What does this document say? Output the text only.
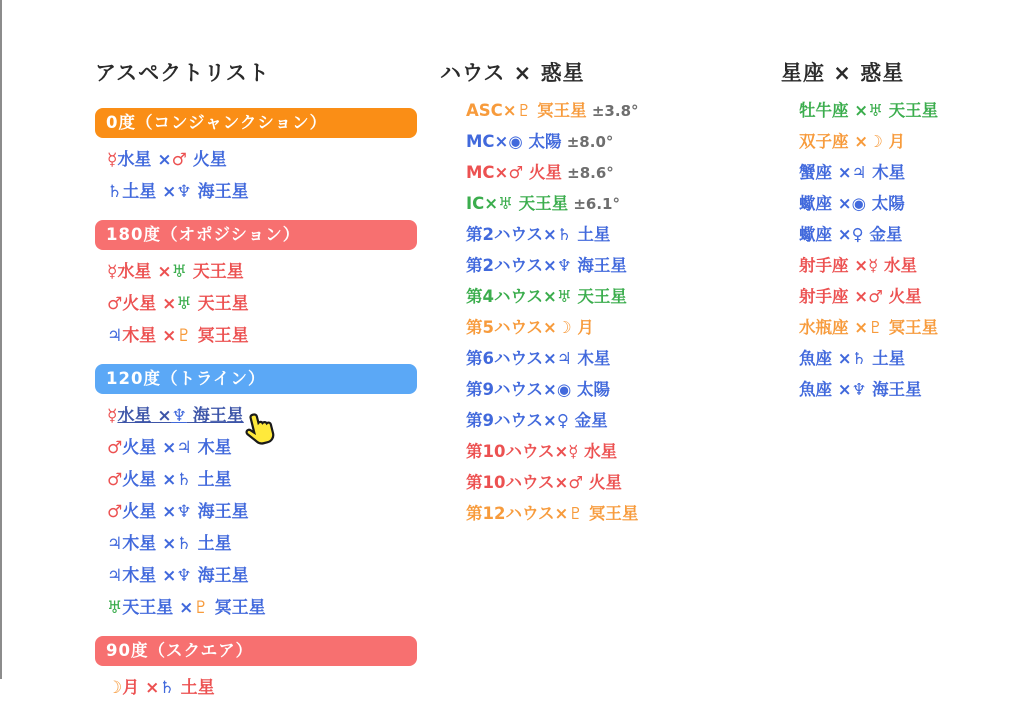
アスペクトリスト
0度（コンジャンクション）
☿水星 ×♂ 火星
♄土星 ×♆ 海王星
180度（オポジション）
☿水星 ×♅ 天王星
♂火星 ×♅ 天王星
♃木星 ×♇ 冥王星
120度（トライン）
☿水星 ×♆ 海王星
♂火星 ×♃ 木星
♂火星 ×♄ 土星
♂火星 ×♆ 海王星
♃木星 ×♄ 土星
♃木星 ×♆ 海王星
♅天王星 ×♇ 冥王星
90度（スクエア）
☽月 ×♄ 土星
ハウス × 惑星
ASC×♇ 冥王星 ±3.8°
MC×◉ 太陽 ±8.0°
MC×♂ 火星 ±8.6°
IC×♅ 天王星 ±6.1°
第2ハウス×♄ 土星
第2ハウス×♆ 海王星
第4ハウス×♅ 天王星
第5ハウス×☽ 月
第6ハウス×♃ 木星
第9ハウス×◉ 太陽
第9ハウス×♀ 金星
第10ハウス×☿ 水星
第10ハウス×♂ 火星
第12ハウス×♇ 冥王星
星座 × 惑星
牡牛座 ×♅ 天王星
双子座 ×☽ 月
蟹座 ×♃ 木星
蠍座 ×◉ 太陽
蠍座 ×♀ 金星
射手座 ×☿ 水星
射手座 ×♂ 火星
水瓶座 ×♇ 冥王星
魚座 ×♄ 土星
魚座 ×♆ 海王星
